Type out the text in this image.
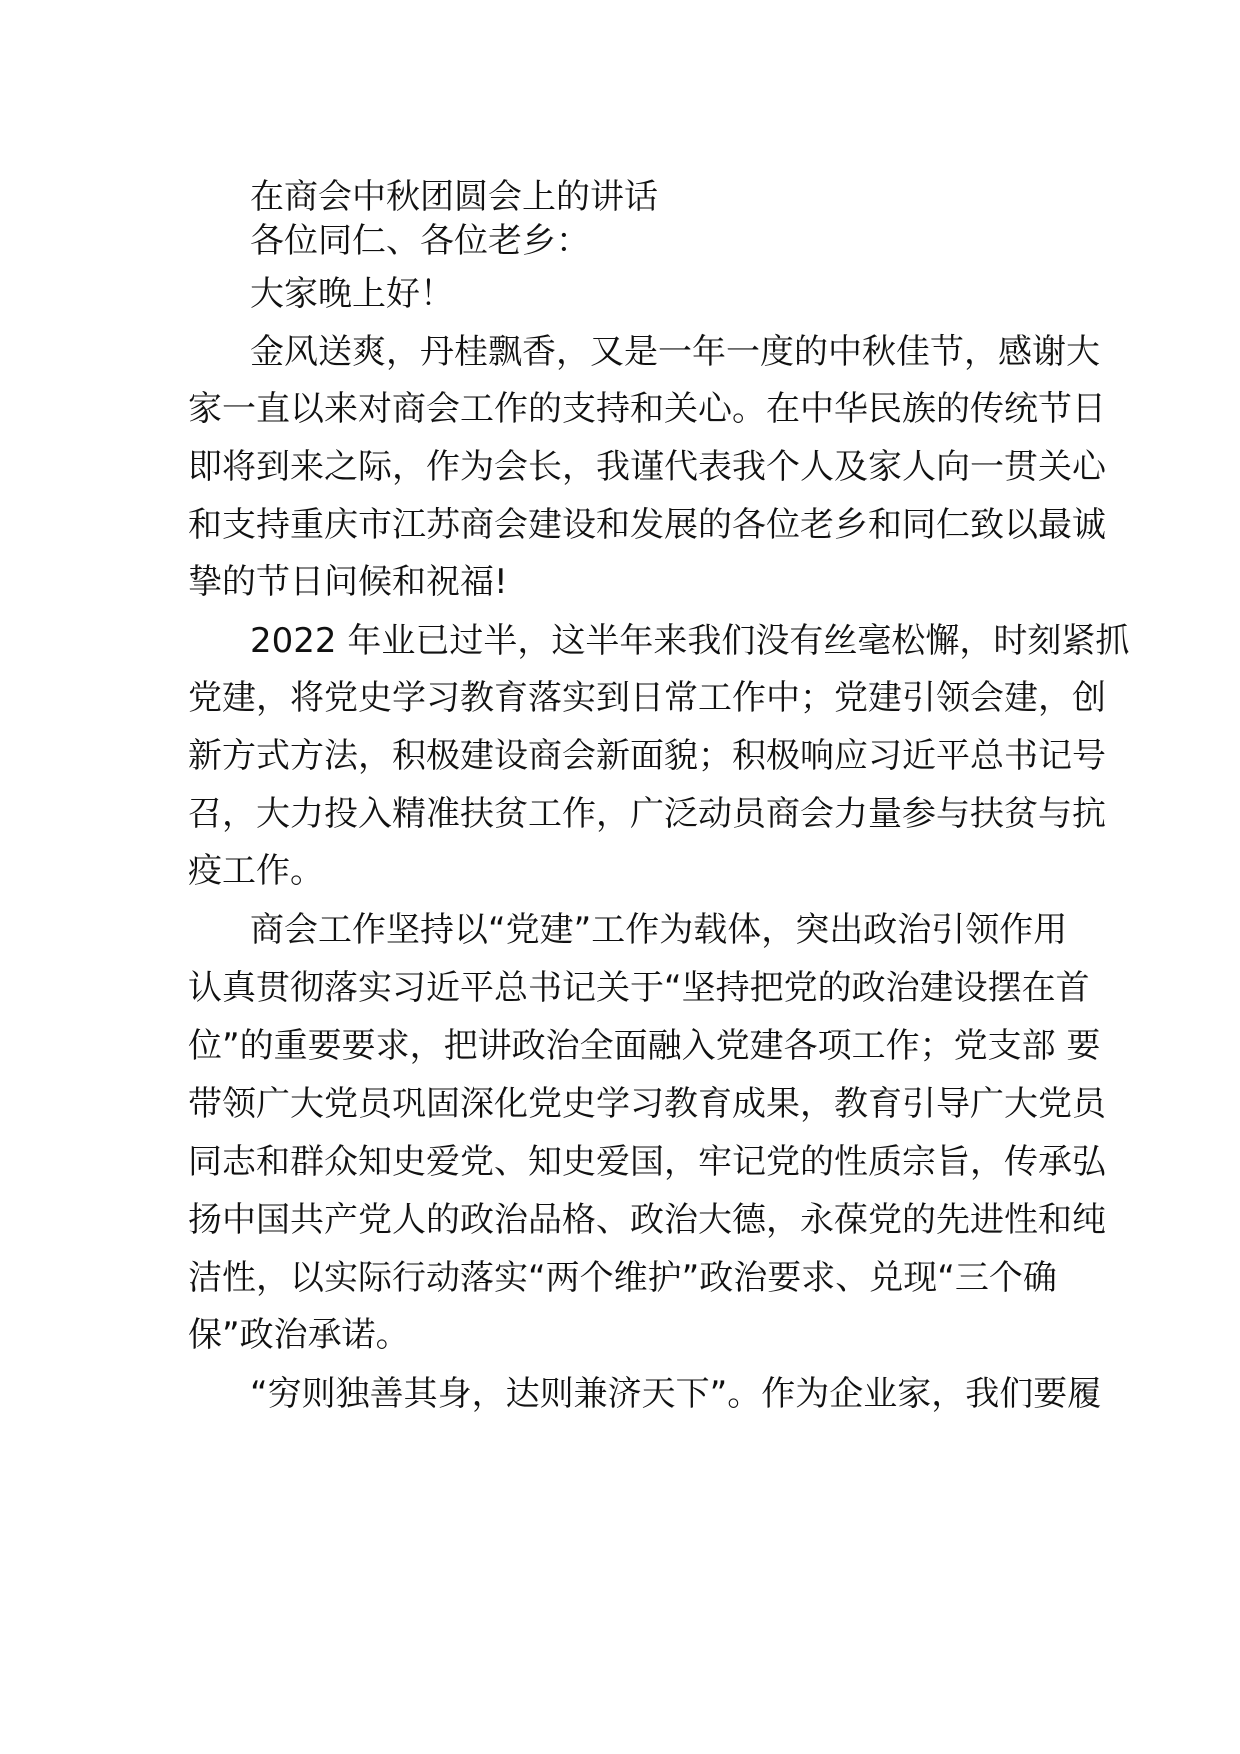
在商会中秋团圆会上的讲话
各位同仁、各位老乡：
大家晚上好！
金风送爽，丹桂飘香，又是一年一度的中秋佳节，感谢大
家一直以来对商会工作的支持和关心。在中华民族的传统节日
即将到来之际，作为会长，我谨代表我个人及家人向一贯关心
和支持重庆市江苏商会建设和发展的各位老乡和同仁致以最诚
挚的节日问候和祝福!
2022 年业已过半，这半年来我们没有丝毫松懈，时刻紧抓
党建，将党史学习教育落实到日常工作中；党建引领会建，创
新方式方法，积极建设商会新面貌；积极响应习近平总书记号
召，大力投入精准扶贫工作，广泛动员商会力量参与扶贫与抗
疫工作。
商会工作坚持以“党建”工作为载体，突出政治引领作用
认真贯彻落实习近平总书记关于“坚持把党的政治建设摆在首
位”的重要要求，把讲政治全面融入党建各项工作；党支部 要
带领广大党员巩固深化党史学习教育成果，教育引导广大党员
同志和群众知史爱党、知史爱国，牢记党的性质宗旨，传承弘
扬中国共产党人的政治品格、政治大德，永葆党的先进性和纯
洁性，以实际行动落实“两个维护”政治要求、兑现“三个确
保”政治承诺。
“穷则独善其身，达则兼济天下”。作为企业家，我们要履
